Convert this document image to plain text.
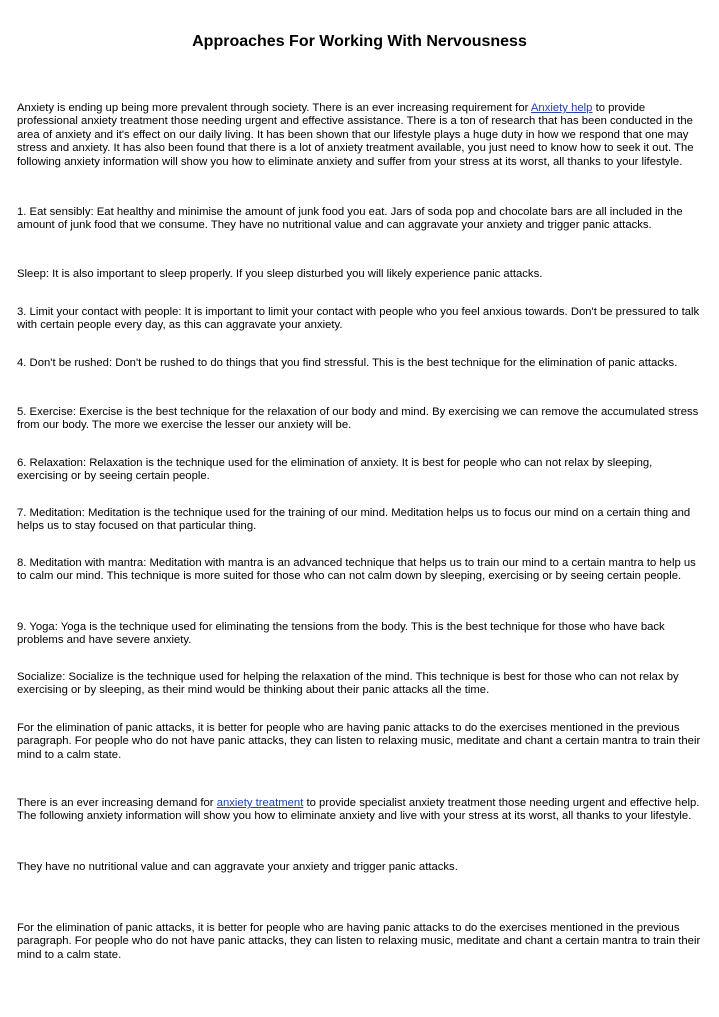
Approaches For Working With Nervousness

Anxiety is ending up being more prevalent through society. There is an ever increasing requirement for Anxiety help to provide professional anxiety treatment those needing urgent and effective assistance. There is a ton of research that has been conducted in the area of anxiety and it's effect on our daily living. It has been shown that our lifestyle plays a huge duty in how we respond that one may stress and anxiety. It has also been found that there is a lot of anxiety treatment available, you just need to know how to seek it out. The following anxiety information will show you how to eliminate anxiety and suffer from your stress at its worst, all thanks to your lifestyle.

1. Eat sensibly: Eat healthy and minimise the amount of junk food you eat. Jars of soda pop and chocolate bars are all included in the amount of junk food that we consume. They have no nutritional value and can aggravate your anxiety and trigger panic attacks.

Sleep: It is also important to sleep properly. If you sleep disturbed you will likely experience panic attacks.

3. Limit your contact with people: It is important to limit your contact with people who you feel anxious towards. Don't be pressured to talk with certain people every day, as this can aggravate your anxiety.

4. Don't be rushed: Don't be rushed to do things that you find stressful. This is the best technique for the elimination of panic attacks.

5. Exercise: Exercise is the best technique for the relaxation of our body and mind. By exercising we can remove the accumulated stress from our body. The more we exercise the lesser our anxiety will be.

6. Relaxation: Relaxation is the technique used for the elimination of anxiety. It is best for people who can not relax by sleeping, exercising or by seeing certain people.

7. Meditation: Meditation is the technique used for the training of our mind. Meditation helps us to focus our mind on a certain thing and helps us to stay focused on that particular thing.

8. Meditation with mantra: Meditation with mantra is an advanced technique that helps us to train our mind to a certain mantra to help us to calm our mind. This technique is more suited for those who can not calm down by sleeping, exercising or by seeing certain people.

9. Yoga: Yoga is the technique used for eliminating the tensions from the body. This is the best technique for those who have back problems and have severe anxiety.

Socialize: Socialize is the technique used for helping the relaxation of the mind. This technique is best for those who can not relax by exercising or by sleeping, as their mind would be thinking about their panic attacks all the time.

For the elimination of panic attacks, it is better for people who are having panic attacks to do the exercises mentioned in the previous paragraph. For people who do not have panic attacks, they can listen to relaxing music, meditate and chant a certain mantra to train their mind to a calm state.

There is an ever increasing demand for anxiety treatment to provide specialist anxiety treatment those needing urgent and effective help. The following anxiety information will show you how to eliminate anxiety and live with your stress at its worst, all thanks to your lifestyle.

They have no nutritional value and can aggravate your anxiety and trigger panic attacks.

For the elimination of panic attacks, it is better for people who are having panic attacks to do the exercises mentioned in the previous paragraph. For people who do not have panic attacks, they can listen to relaxing music, meditate and chant a certain mantra to train their mind to a calm state.
